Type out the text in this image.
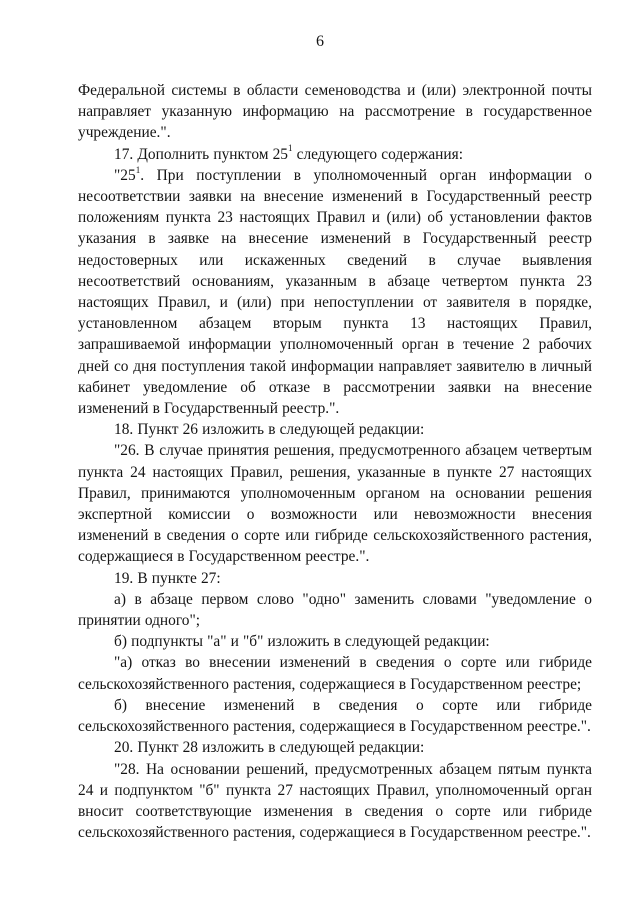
6

Федеральной системы в области семеноводства и (или) электронной почты направляет указанную информацию на рассмотрение в государственное учреждение.".

17. Дополнить пунктом $25^1$ следующего содержания:

"$25^1$. При поступлении в уполномоченный орган информации о несоответствии заявки на внесение изменений в Государственный реестр положениям пункта 23 настоящих Правил и (или) об установлении фактов указания в заявке на внесение изменений в Государственный реестр недостоверных или искаженных сведений в случае выявления несоответствий основаниям, указанным в абзаце четвертом пункта 23 настоящих Правил, и (или) при непоступлении от заявителя в порядке, установленном абзацем вторым пункта 13 настоящих Правил, запрашиваемой информации уполномоченный орган в течение 2 рабочих дней со дня поступления такой информации направляет заявителю в личный кабинет уведомление об отказе в рассмотрении заявки на внесение изменений в Государственный реестр.".

18. Пункт 26 изложить в следующей редакции:

"26. В случае принятия решения, предусмотренного абзацем четвертым пункта 24 настоящих Правил, решения, указанные в пункте 27 настоящих Правил, принимаются уполномоченным органом на основании решения экспертной комиссии о возможности или невозможности внесения изменений в сведения о сорте или гибриде сельскохозяйственного растения, содержащиеся в Государственном реестре.".

19. В пункте 27:

а) в абзаце первом слово "одно" заменить словами "уведомление о принятии одного";

б) подпункты "а" и "б" изложить в следующей редакции:

"а) отказ во внесении изменений в сведения о сорте или гибриде сельскохозяйственного растения, содержащиеся в Государственном реестре;

б) внесение изменений в сведения о сорте или гибриде сельскохозяйственного растения, содержащиеся в Государственном реестре.".

20. Пункт 28 изложить в следующей редакции:

"28. На основании решений, предусмотренных абзацем пятым пункта 24 и подпунктом "б" пункта 27 настоящих Правил, уполномоченный орган вносит соответствующие изменения в сведения о сорте или гибриде сельскохозяйственного растения, содержащиеся в Государственном реестре.".
